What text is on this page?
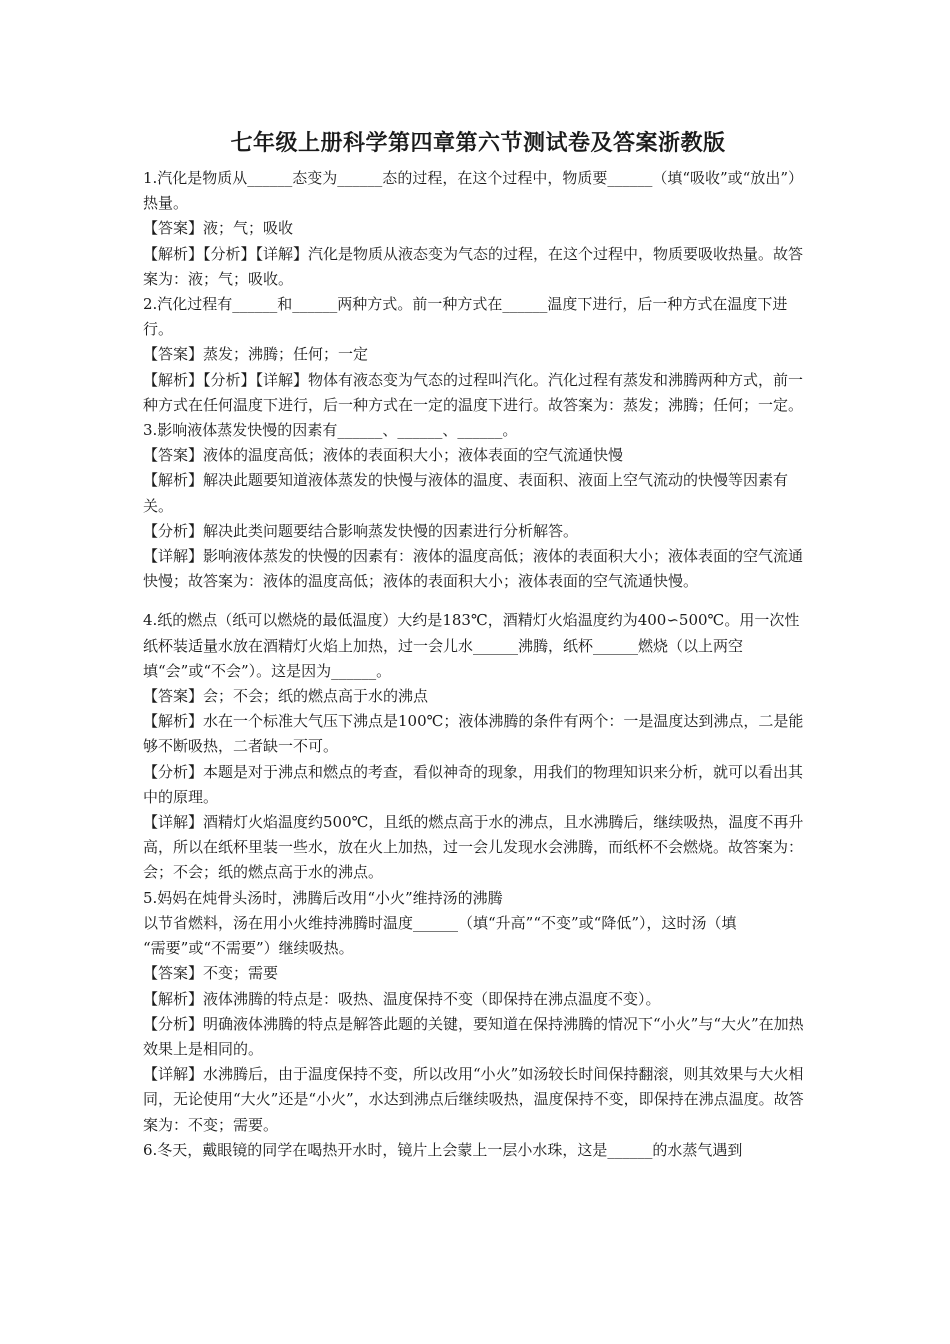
七年级上册科学第四章第六节测试卷及答案浙教版

1.汽化是物质从______态变为______态的过程，在这个过程中，物质要______（填“吸收”或“放出”）热量。

【答案】液；气；吸收

【解析】【分析】【详解】汽化是物质从液态变为气态的过程，在这个过程中，物质要吸收热量。故答案为：液；气；吸收。

2.汽化过程有______和______两种方式。前一种方式在______温度下进行，后一种方式在温度下进行。

【答案】蒸发；沸腾；任何；一定

【解析】【分析】【详解】物体有液态变为气态的过程叫汽化。汽化过程有蒸发和沸腾两种方式，前一种方式在任何温度下进行，后一种方式在一定的温度下进行。故答案为：蒸发；沸腾；任何；一定。

3.影响液体蒸发快慢的因素有______、______、______。

【答案】液体的温度高低；液体的表面积大小；液体表面的空气流通快慢

【解析】解决此题要知道液体蒸发的快慢与液体的温度、表面积、液面上空气流动的快慢等因素有关。

【分析】解决此类问题要结合影响蒸发快慢的因素进行分析解答。

【详解】影响液体蒸发的快慢的因素有：液体的温度高低；液体的表面积大小；液体表面的空气流通快慢；故答案为：液体的温度高低；液体的表面积大小；液体表面的空气流通快慢。

4.纸的燃点（纸可以燃烧的最低温度）大约是183℃，酒精灯火焰温度约为400∽500℃。用一次性纸杯装适量水放在酒精灯火焰上加热，过一会儿水______沸腾，纸杯______燃烧（以上两空填“会”或“不会”）。这是因为______。

【答案】会；不会；纸的燃点高于水的沸点

【解析】水在一个标准大气压下沸点是100℃；液体沸腾的条件有两个：一是温度达到沸点，二是能够不断吸热，二者缺一不可。

【分析】本题是对于沸点和燃点的考查，看似神奇的现象，用我们的物理知识来分析，就可以看出其中的原理。

【详解】酒精灯火焰温度约500℃，且纸的燃点高于水的沸点，且水沸腾后，继续吸热，温度不再升高，所以在纸杯里装一些水，放在火上加热，过一会儿发现水会沸腾，而纸杯不会燃烧。故答案为：会；不会；纸的燃点高于水的沸点。

5.妈妈在炖骨头汤时，沸腾后改用“小火”维持汤的沸腾

以节省燃料，汤在用小火维持沸腾时温度______（填“升高”“不变”或“降低”），这时汤（填

“需要”或“不需要”）继续吸热。

【答案】不变；需要

【解析】液体沸腾的特点是：吸热、温度保持不变（即保持在沸点温度不变）。

【分析】明确液体沸腾的特点是解答此题的关键，要知道在保持沸腾的情况下“小火”与“大火”在加热效果上是相同的。

【详解】水沸腾后，由于温度保持不变，所以改用“小火”如汤较长时间保持翻滚，则其效果与大火相同，无论使用“大火”还是“小火”，水达到沸点后继续吸热，温度保持不变，即保持在沸点温度。故答案为：不变；需要。

6.冬天，戴眼镜的同学在喝热开水时，镜片上会蒙上一层小水珠，这是______的水蒸气遇到
